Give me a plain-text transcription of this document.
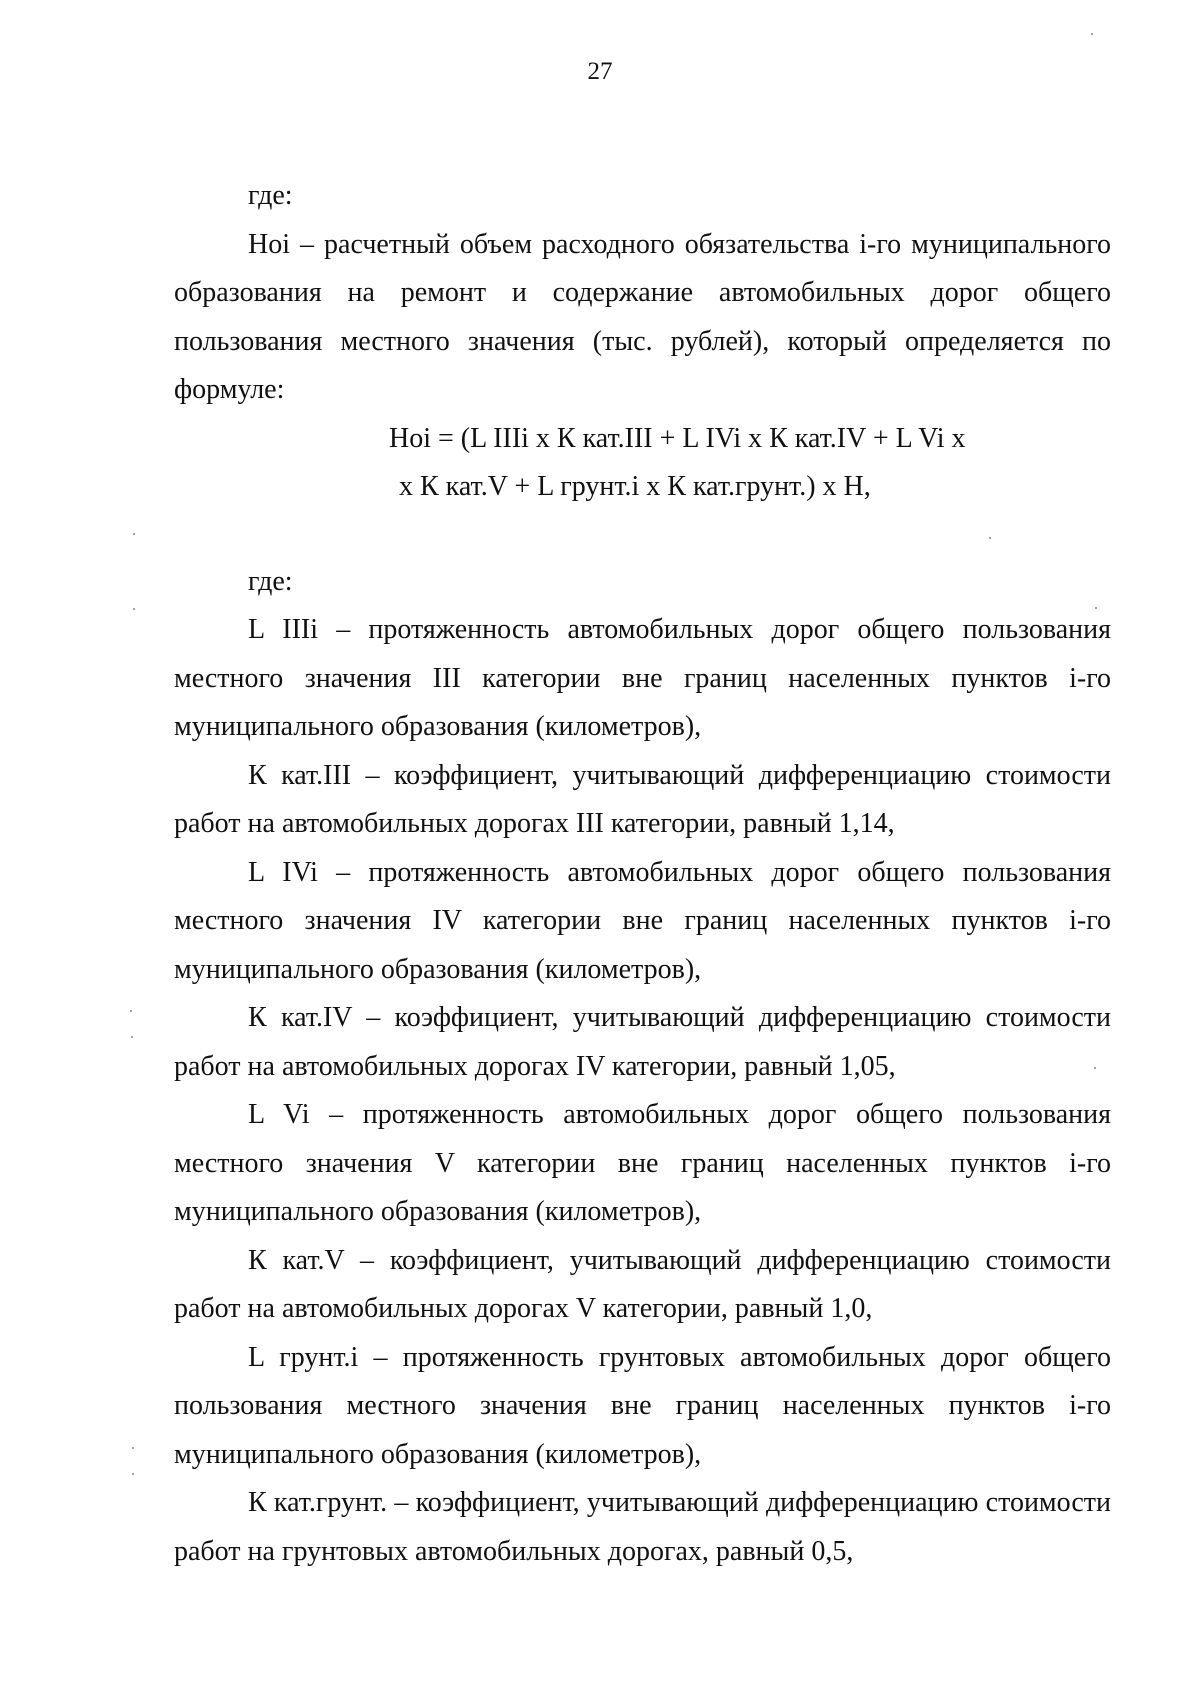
27

где:

Нoi – расчетный объем расходного обязательства i-го муниципального образования на ремонт и содержание автомобильных дорог общего пользования местного значения (тыс. рублей), который определяется по формуле:

Нoi = (L IIIi х К кат.III + L IVi х К кат.IV + L Vi х
х К кат.V + L грунт.i х К кат.грунт.) х Н,

где:

L IIIi – протяженность автомобильных дорог общего пользования местного значения III категории вне границ населенных пунктов i-го муниципального образования (километров),

К кат.III – коэффициент, учитывающий дифференциацию стоимости работ на автомобильных дорогах III категории, равный 1,14,

L IVi – протяженность автомобильных дорог общего пользования местного значения IV категории вне границ населенных пунктов i-го муниципального образования (километров),

К кат.IV – коэффициент, учитывающий дифференциацию стоимости работ на автомобильных дорогах IV категории, равный 1,05,

L Vi – протяженность автомобильных дорог общего пользования местного значения V категории вне границ населенных пунктов i-го муниципального образования (километров),

К кат.V – коэффициент, учитывающий дифференциацию стоимости работ на автомобильных дорогах V категории, равный 1,0,

L грунт.i – протяженность грунтовых автомобильных дорог общего пользования местного значения вне границ населенных пунктов i-го муниципального образования (километров),

К кат.грунт. – коэффициент, учитывающий дифференциацию стоимости работ на грунтовых автомобильных дорогах, равный 0,5,
